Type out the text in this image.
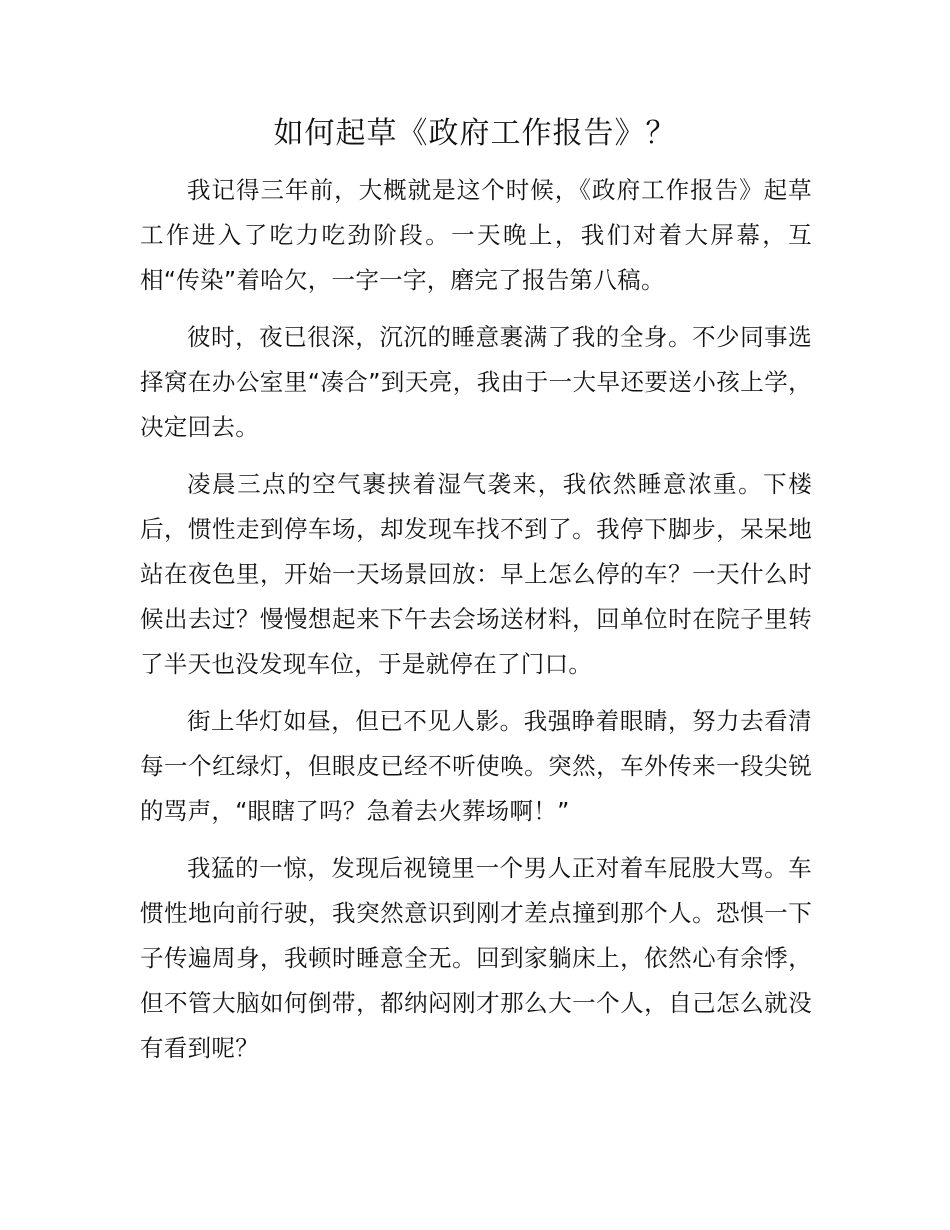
如何起草《政府工作报告》？

我记得三年前，大概就是这个时候，《政府工作报告》起草工作进入了吃力吃劲阶段。一天晚上，我们对着大屏幕，互相“传染”着哈欠，一字一字，磨完了报告第八稿。

彼时，夜已很深，沉沉的睡意裹满了我的全身。不少同事选择窝在办公室里“凑合”到天亮，我由于一大早还要送小孩上学，决定回去。

凌晨三点的空气裹挟着湿气袭来，我依然睡意浓重。下楼后，惯性走到停车场，却发现车找不到了。我停下脚步，呆呆地站在夜色里，开始一天场景回放：早上怎么停的车？一天什么时候出去过？慢慢想起来下午去会场送材料，回单位时在院子里转了半天也没发现车位，于是就停在了门口。

街上华灯如昼，但已不见人影。我强睁着眼睛，努力去看清每一个红绿灯，但眼皮已经不听使唤。突然，车外传来一段尖锐的骂声，“眼瞎了吗？急着去火葬场啊！”

我猛的一惊，发现后视镜里一个男人正对着车屁股大骂。车惯性地向前行驶，我突然意识到刚才差点撞到那个人。恐惧一下子传遍周身，我顿时睡意全无。回到家躺床上，依然心有余悸，但不管大脑如何倒带，都纳闷刚才那么大一个人，自己怎么就没有看到呢？
